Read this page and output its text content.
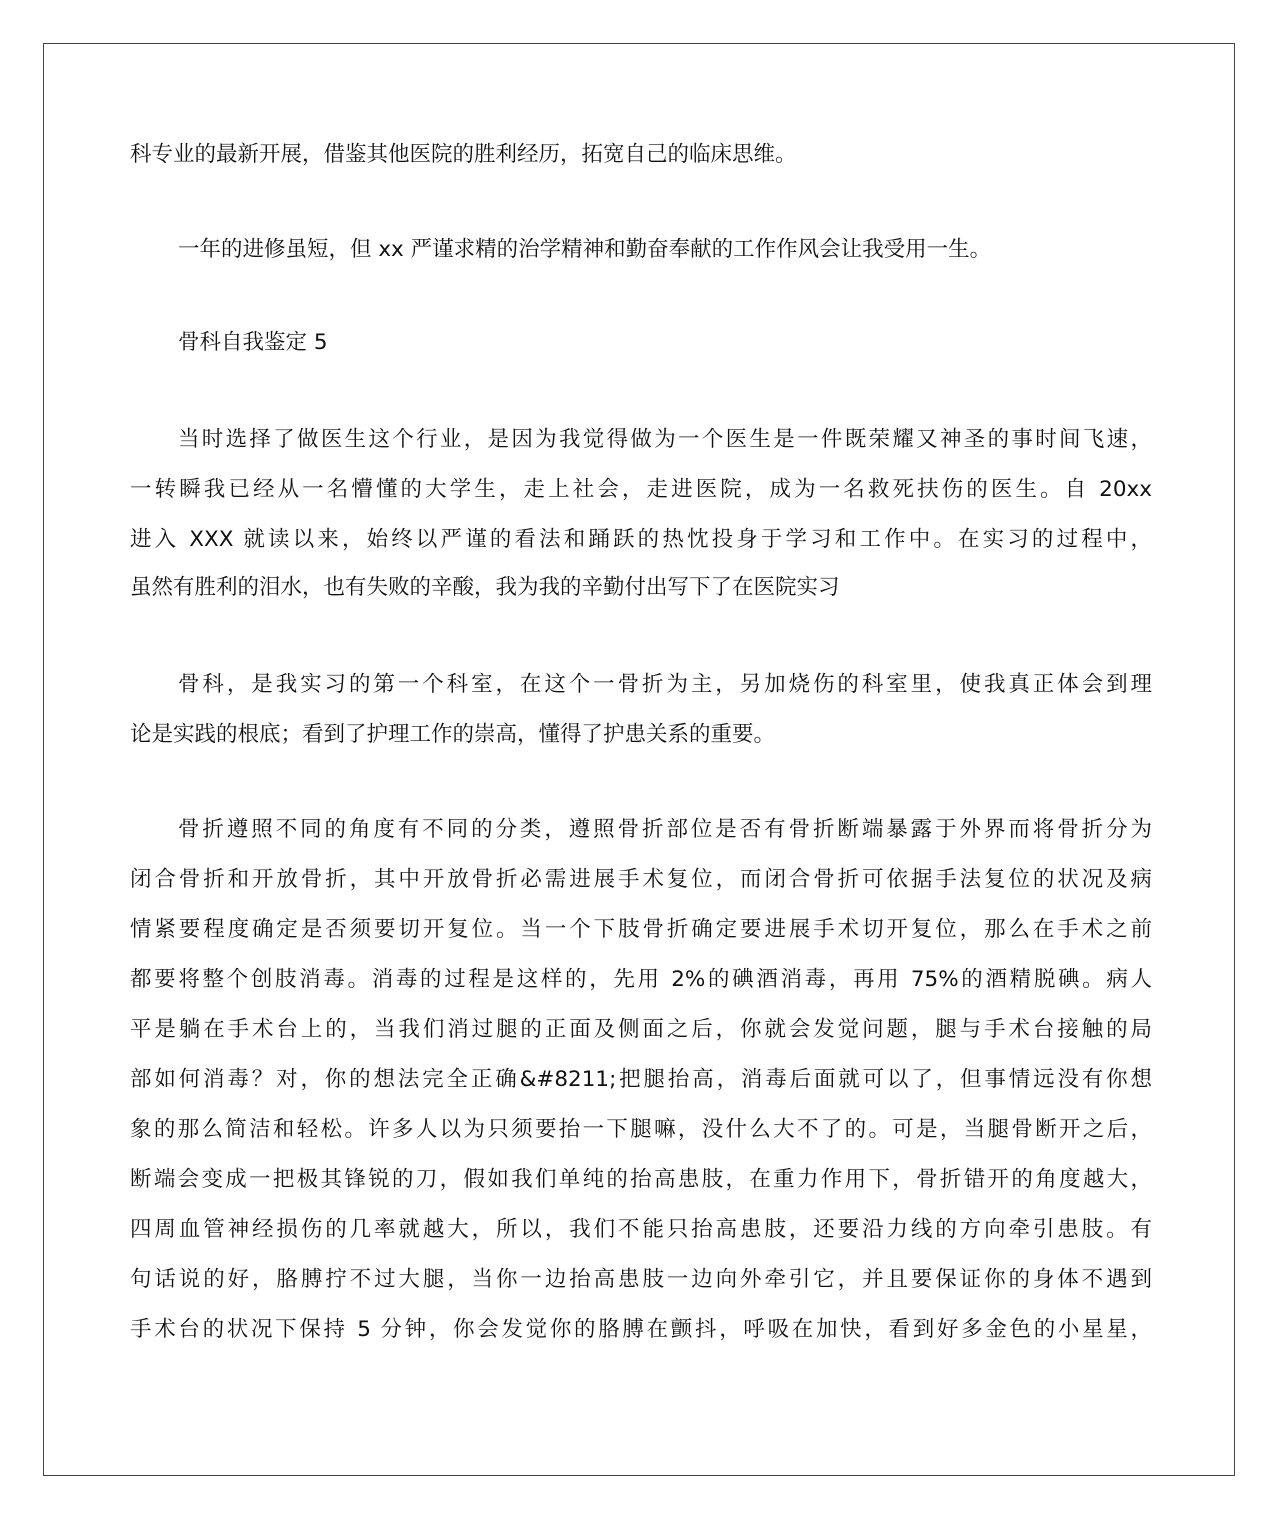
科专业的最新开展，借鉴其他医院的胜利经历，拓宽自己的临床思维。
一年的进修虽短，但 xx 严谨求精的治学精神和勤奋奉献的工作作风会让我受用一生。
骨科自我鉴定 5
当时选择了做医生这个行业，是因为我觉得做为一个医生是一件既荣耀又神圣的事时间飞速，
一转瞬我已经从一名懵懂的大学生，走上社会，走进医院，成为一名救死扶伤的医生。自 20xx
进入 XXX 就读以来，始终以严谨的看法和踊跃的热忱投身于学习和工作中。在实习的过程中，
虽然有胜利的泪水，也有失败的辛酸，我为我的辛勤付出写下了在医院实习
骨科，是我实习的第一个科室，在这个一骨折为主，另加烧伤的科室里，使我真正体会到理
论是实践的根底；看到了护理工作的崇高，懂得了护患关系的重要。
骨折遵照不同的角度有不同的分类，遵照骨折部位是否有骨折断端暴露于外界而将骨折分为
闭合骨折和开放骨折，其中开放骨折必需进展手术复位，而闭合骨折可依据手法复位的状况及病
情紧要程度确定是否须要切开复位。当一个下肢骨折确定要进展手术切开复位，那么在手术之前
都要将整个创肢消毒。消毒的过程是这样的，先用 2%的碘酒消毒，再用 75%的酒精脱碘。病人
平是躺在手术台上的，当我们消过腿的正面及侧面之后，你就会发觉问题，腿与手术台接触的局
部如何消毒？对，你的想法完全正确&#8211;把腿抬高，消毒后面就可以了，但事情远没有你想
象的那么简洁和轻松。许多人以为只须要抬一下腿嘛，没什么大不了的。可是，当腿骨断开之后，
断端会变成一把极其锋锐的刀，假如我们单纯的抬高患肢，在重力作用下，骨折错开的角度越大，
四周血管神经损伤的几率就越大，所以，我们不能只抬高患肢，还要沿力线的方向牵引患肢。有
句话说的好，胳膊拧不过大腿，当你一边抬高患肢一边向外牵引它，并且要保证你的身体不遇到
手术台的状况下保持 5 分钟，你会发觉你的胳膊在颤抖，呼吸在加快，看到好多金色的小星星，
